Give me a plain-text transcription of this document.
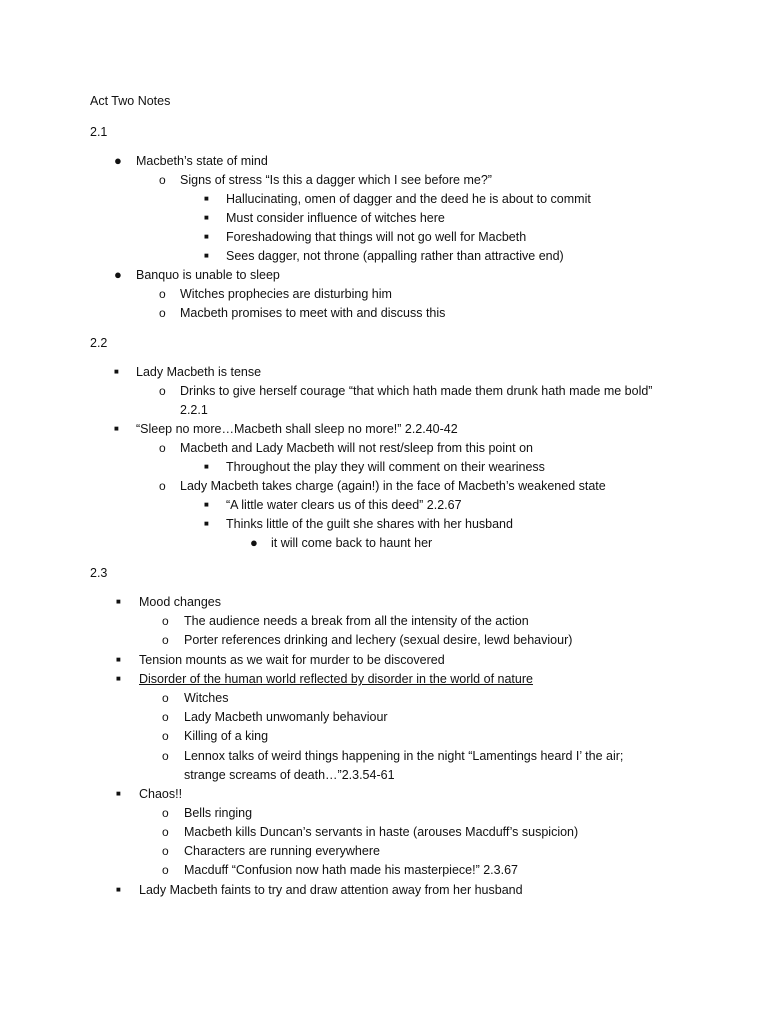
Act Two Notes
2.1
● Macbeth’s state of mind
o Signs of stress “Is this a dagger which I see before me?”
■ Hallucinating, omen of dagger and the deed he is about to commit
■ Must consider influence of witches here
■ Foreshadowing that things will not go well for Macbeth
■ Sees dagger, not throne (appalling rather than attractive end)
● Banquo is unable to sleep
o Witches prophecies are disturbing him
o Macbeth promises to meet with and discuss this
2.2
■ Lady Macbeth is tense
o Drinks to give herself courage “that which hath made them drunk hath made me bold”
2.2.1
■ “Sleep no more…Macbeth shall sleep no more!” 2.2.40-42
o Macbeth and Lady Macbeth will not rest/sleep from this point on
■ Throughout the play they will comment on their weariness
o Lady Macbeth takes charge (again!) in the face of Macbeth’s weakened state
■ “A little water clears us of this deed” 2.2.67
■ Thinks little of the guilt she shares with her husband
● it will come back to haunt her
2.3
■ Mood changes
o The audience needs a break from all the intensity of the action
o Porter references drinking and lechery (sexual desire, lewd behaviour)
■ Tension mounts as we wait for murder to be discovered
■ Disorder of the human world reflected by disorder in the world of nature
o Witches
o Lady Macbeth unwomanly behaviour
o Killing of a king
o Lennox talks of weird things happening in the night “Lamentings heard I’ the air;
strange screams of death…”2.3.54-61
■ Chaos!!
o Bells ringing
o Macbeth kills Duncan’s servants in haste (arouses Macduff’s suspicion)
o Characters are running everywhere
o Macduff “Confusion now hath made his masterpiece!” 2.3.67
■ Lady Macbeth faints to try and draw attention away from her husband
